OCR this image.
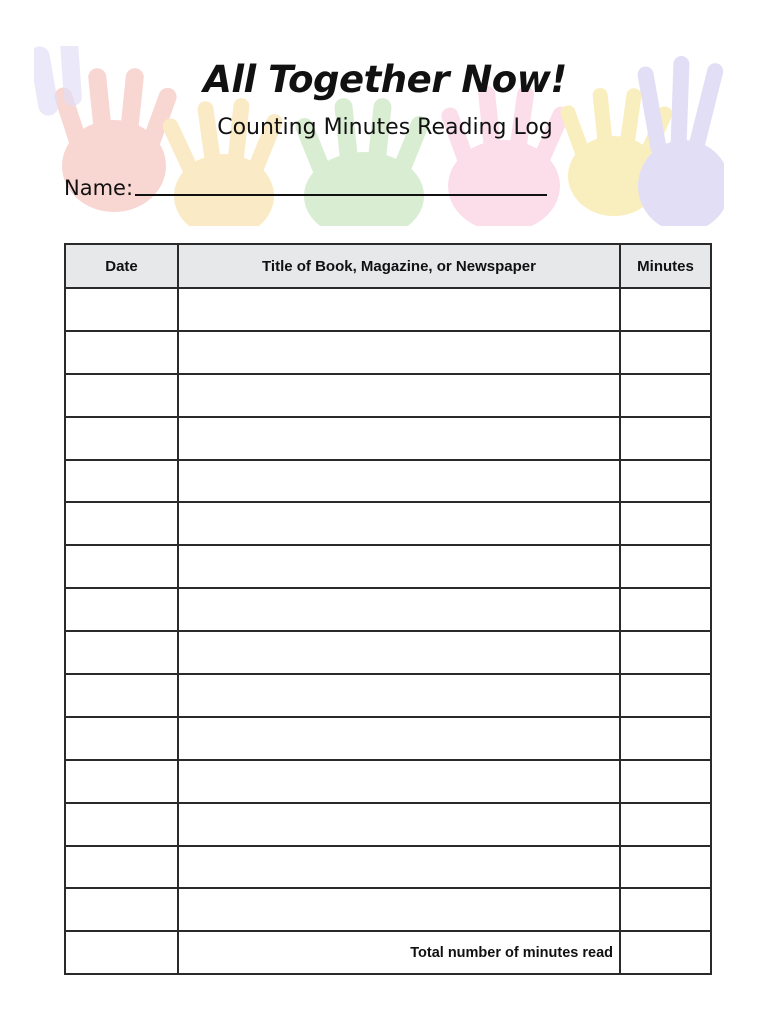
All Together Now!
Counting Minutes Reading Log
Name:
Date	Title of Book, Magazine, or Newspaper	Minutes

	Total number of minutes read	
